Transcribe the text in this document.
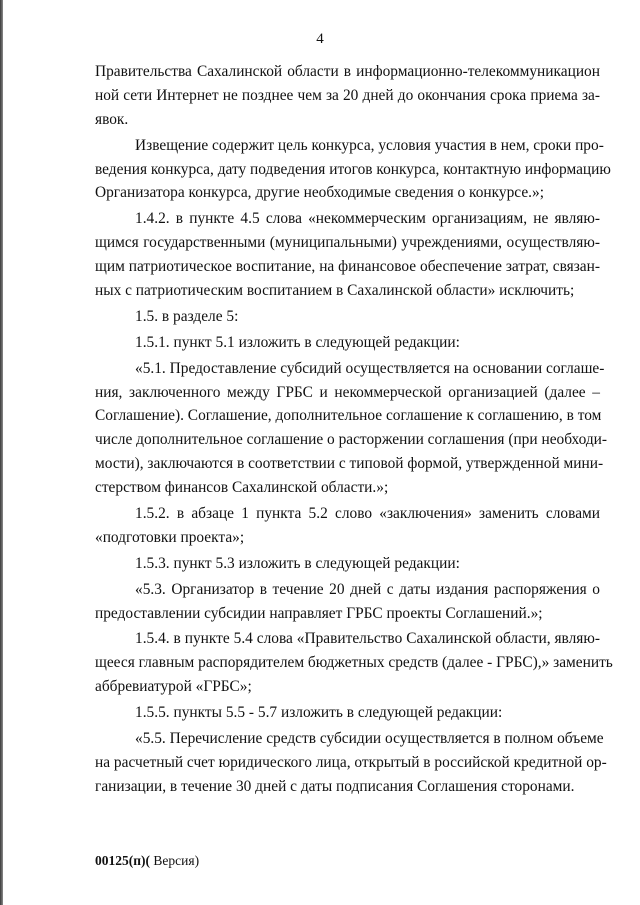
4
Правительства Сахалинской области в информационно-телекоммуникацион
ной сети Интернет не позднее чем за 20 дней до окончания срока приема за-
явок.
Извещение содержит цель конкурса, условия участия в нем, сроки про-
ведения конкурса, дату подведения итогов конкурса, контактную информацию
Организатора конкурса, другие необходимые сведения о конкурсе.»;
1.4.2. в пункте 4.5 слова «некоммерческим организациям, не являю-
щимся государственными (муниципальными) учреждениями, осуществляю-
щим патриотическое воспитание, на финансовое обеспечение затрат, связан-
ных с патриотическим воспитанием в Сахалинской области» исключить;
1.5. в разделе 5:
1.5.1. пункт 5.1 изложить в следующей редакции:
«5.1. Предоставление субсидий осуществляется на основании соглаше-
ния, заключенного между ГРБС и некоммерческой организацией (далее –
Соглашение). Соглашение, дополнительное соглашение к соглашению, в том
числе дополнительное соглашение о расторжении соглашения (при необходи-
мости), заключаются в соответствии с типовой формой, утвержденной мини-
стерством финансов Сахалинской области.»;
1.5.2. в абзаце 1 пункта 5.2 слово «заключения» заменить словами
«подготовки проекта»;
1.5.3. пункт 5.3 изложить в следующей редакции:
«5.3. Организатор в течение 20 дней с даты издания распоряжения о
предоставлении субсидии направляет ГРБС проекты Соглашений.»;
1.5.4. в пункте 5.4 слова «Правительство Сахалинской области, являю-
щееся главным распорядителем бюджетных средств (далее - ГРБС),» заменить
аббревиатурой «ГРБС»;
1.5.5. пункты 5.5 - 5.7 изложить в следующей редакции:
«5.5. Перечисление средств субсидии осуществляется в полном объеме
на расчетный счет юридического лица, открытый в российской кредитной ор-
ганизации, в течение 30 дней с даты подписания Соглашения сторонами.
00125(п)( Версия)
